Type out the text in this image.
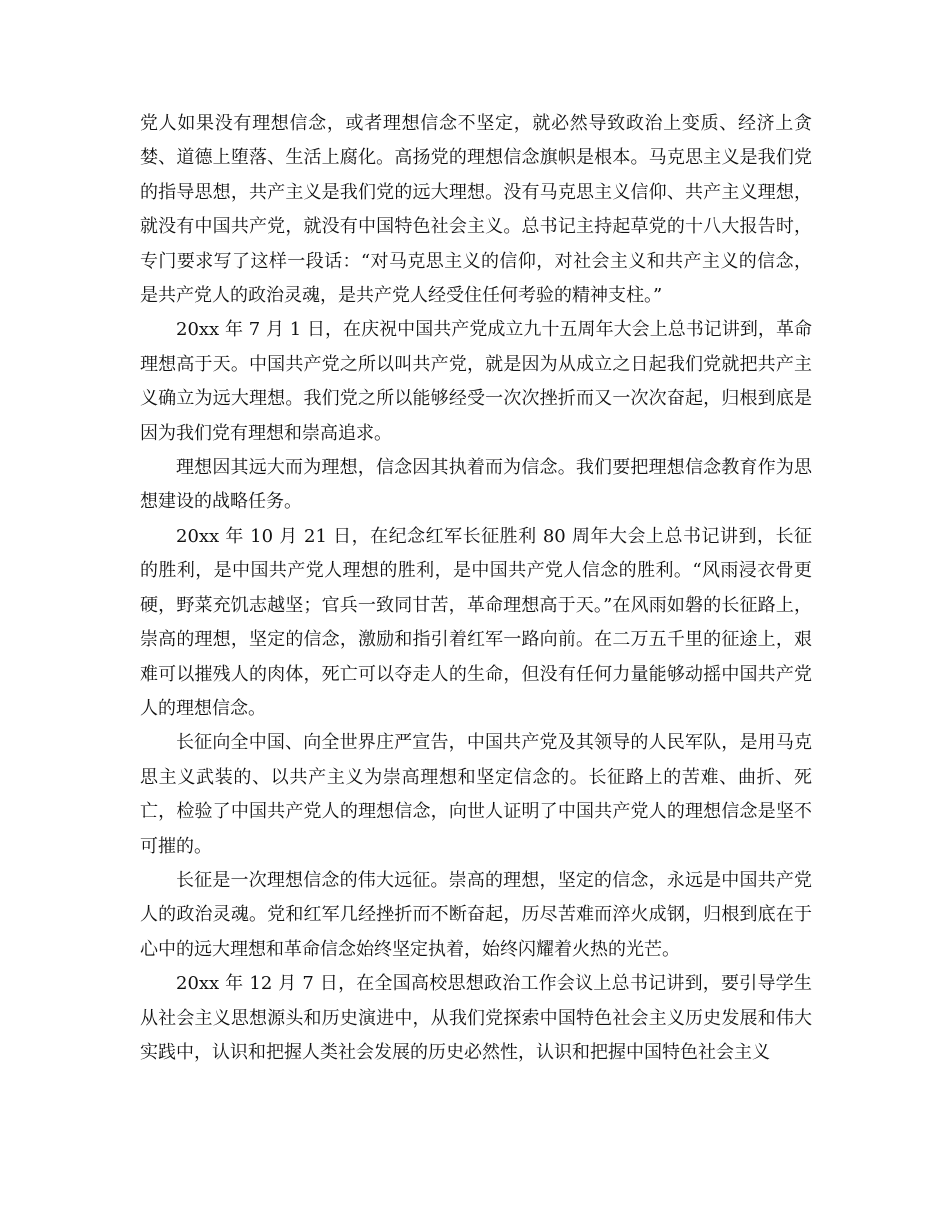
党人如果没有理想信念，或者理想信念不坚定，就必然导致政治上变质、经济上贪婪、道德上堕落、生活上腐化。高扬党的理想信念旗帜是根本。马克思主义是我们党的指导思想，共产主义是我们党的远大理想。没有马克思主义信仰、共产主义理想，就没有中国共产党，就没有中国特色社会主义。总书记主持起草党的十八大报告时，专门要求写了这样一段话：“对马克思主义的信仰，对社会主义和共产主义的信念，是共产党人的政治灵魂，是共产党人经受住任何考验的精神支柱。”

20xx 年 7 月 1 日，在庆祝中国共产党成立九十五周年大会上总书记讲到，革命理想高于天。中国共产党之所以叫共产党，就是因为从成立之日起我们党就把共产主义确立为远大理想。我们党之所以能够经受一次次挫折而又一次次奋起，归根到底是因为我们党有理想和崇高追求。

理想因其远大而为理想，信念因其执着而为信念。我们要把理想信念教育作为思想建设的战略任务。

20xx 年 10 月 21 日，在纪念红军长征胜利 80 周年大会上总书记讲到，长征的胜利，是中国共产党人理想的胜利，是中国共产党人信念的胜利。“风雨浸衣骨更硬，野菜充饥志越坚；官兵一致同甘苦，革命理想高于天。”在风雨如磐的长征路上，崇高的理想，坚定的信念，激励和指引着红军一路向前。在二万五千里的征途上，艰难可以摧残人的肉体，死亡可以夺走人的生命，但没有任何力量能够动摇中国共产党人的理想信念。

长征向全中国、向全世界庄严宣告，中国共产党及其领导的人民军队，是用马克思主义武装的、以共产主义为崇高理想和坚定信念的。长征路上的苦难、曲折、死亡，检验了中国共产党人的理想信念，向世人证明了中国共产党人的理想信念是坚不可摧的。

长征是一次理想信念的伟大远征。崇高的理想，坚定的信念，永远是中国共产党人的政治灵魂。党和红军几经挫折而不断奋起，历尽苦难而淬火成钢，归根到底在于心中的远大理想和革命信念始终坚定执着，始终闪耀着火热的光芒。

20xx 年 12 月 7 日，在全国高校思想政治工作会议上总书记讲到，要引导学生从社会主义思想源头和历史演进中，从我们党探索中国特色社会主义历史发展和伟大实践中，认识和把握人类社会发展的历史必然性，认识和把握中国特色社会主义
